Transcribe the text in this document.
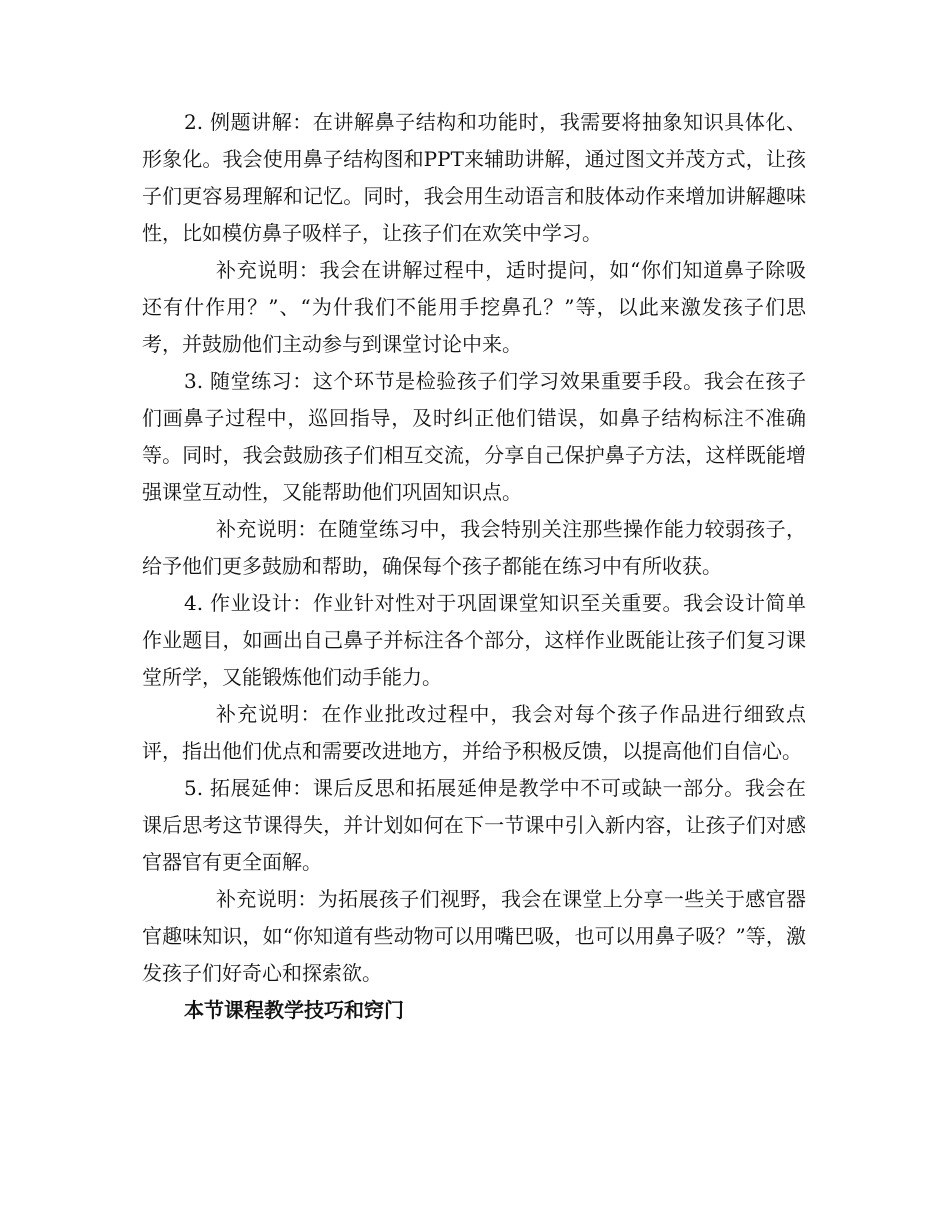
2. 例题讲解：在讲解鼻子结构和功能时，我需要将抽象知识具体化、形象化。我会使用鼻子结构图和PPT来辅助讲解，通过图文并茂方式，让孩子们更容易理解和记忆。同时，我会用生动语言和肢体动作来增加讲解趣味性，比如模仿鼻子吸样子，让孩子们在欢笑中学习。

补充说明：我会在讲解过程中，适时提问，如“你们知道鼻子除吸还有什作用？”、“为什我们不能用手挖鼻孔？”等，以此来激发孩子们思考，并鼓励他们主动参与到课堂讨论中来。

3. 随堂练习：这个环节是检验孩子们学习效果重要手段。我会在孩子们画鼻子过程中，巡回指导，及时纠正他们错误，如鼻子结构标注不准确等。同时，我会鼓励孩子们相互交流，分享自己保护鼻子方法，这样既能增强课堂互动性，又能帮助他们巩固知识点。

补充说明：在随堂练习中，我会特别关注那些操作能力较弱孩子，给予他们更多鼓励和帮助，确保每个孩子都能在练习中有所收获。

4. 作业设计：作业针对性对于巩固课堂知识至关重要。我会设计简单作业题目，如画出自己鼻子并标注各个部分，这样作业既能让孩子们复习课堂所学，又能锻炼他们动手能力。

补充说明：在作业批改过程中，我会对每个孩子作品进行细致点评，指出他们优点和需要改进地方，并给予积极反馈，以提高他们自信心。

5. 拓展延伸：课后反思和拓展延伸是教学中不可或缺一部分。我会在课后思考这节课得失，并计划如何在下一节课中引入新内容，让孩子们对感官器官有更全面解。

补充说明：为拓展孩子们视野，我会在课堂上分享一些关于感官器官趣味知识，如“你知道有些动物可以用嘴巴吸，也可以用鼻子吸？”等，激发孩子们好奇心和探索欲。

本节课程教学技巧和窍门
